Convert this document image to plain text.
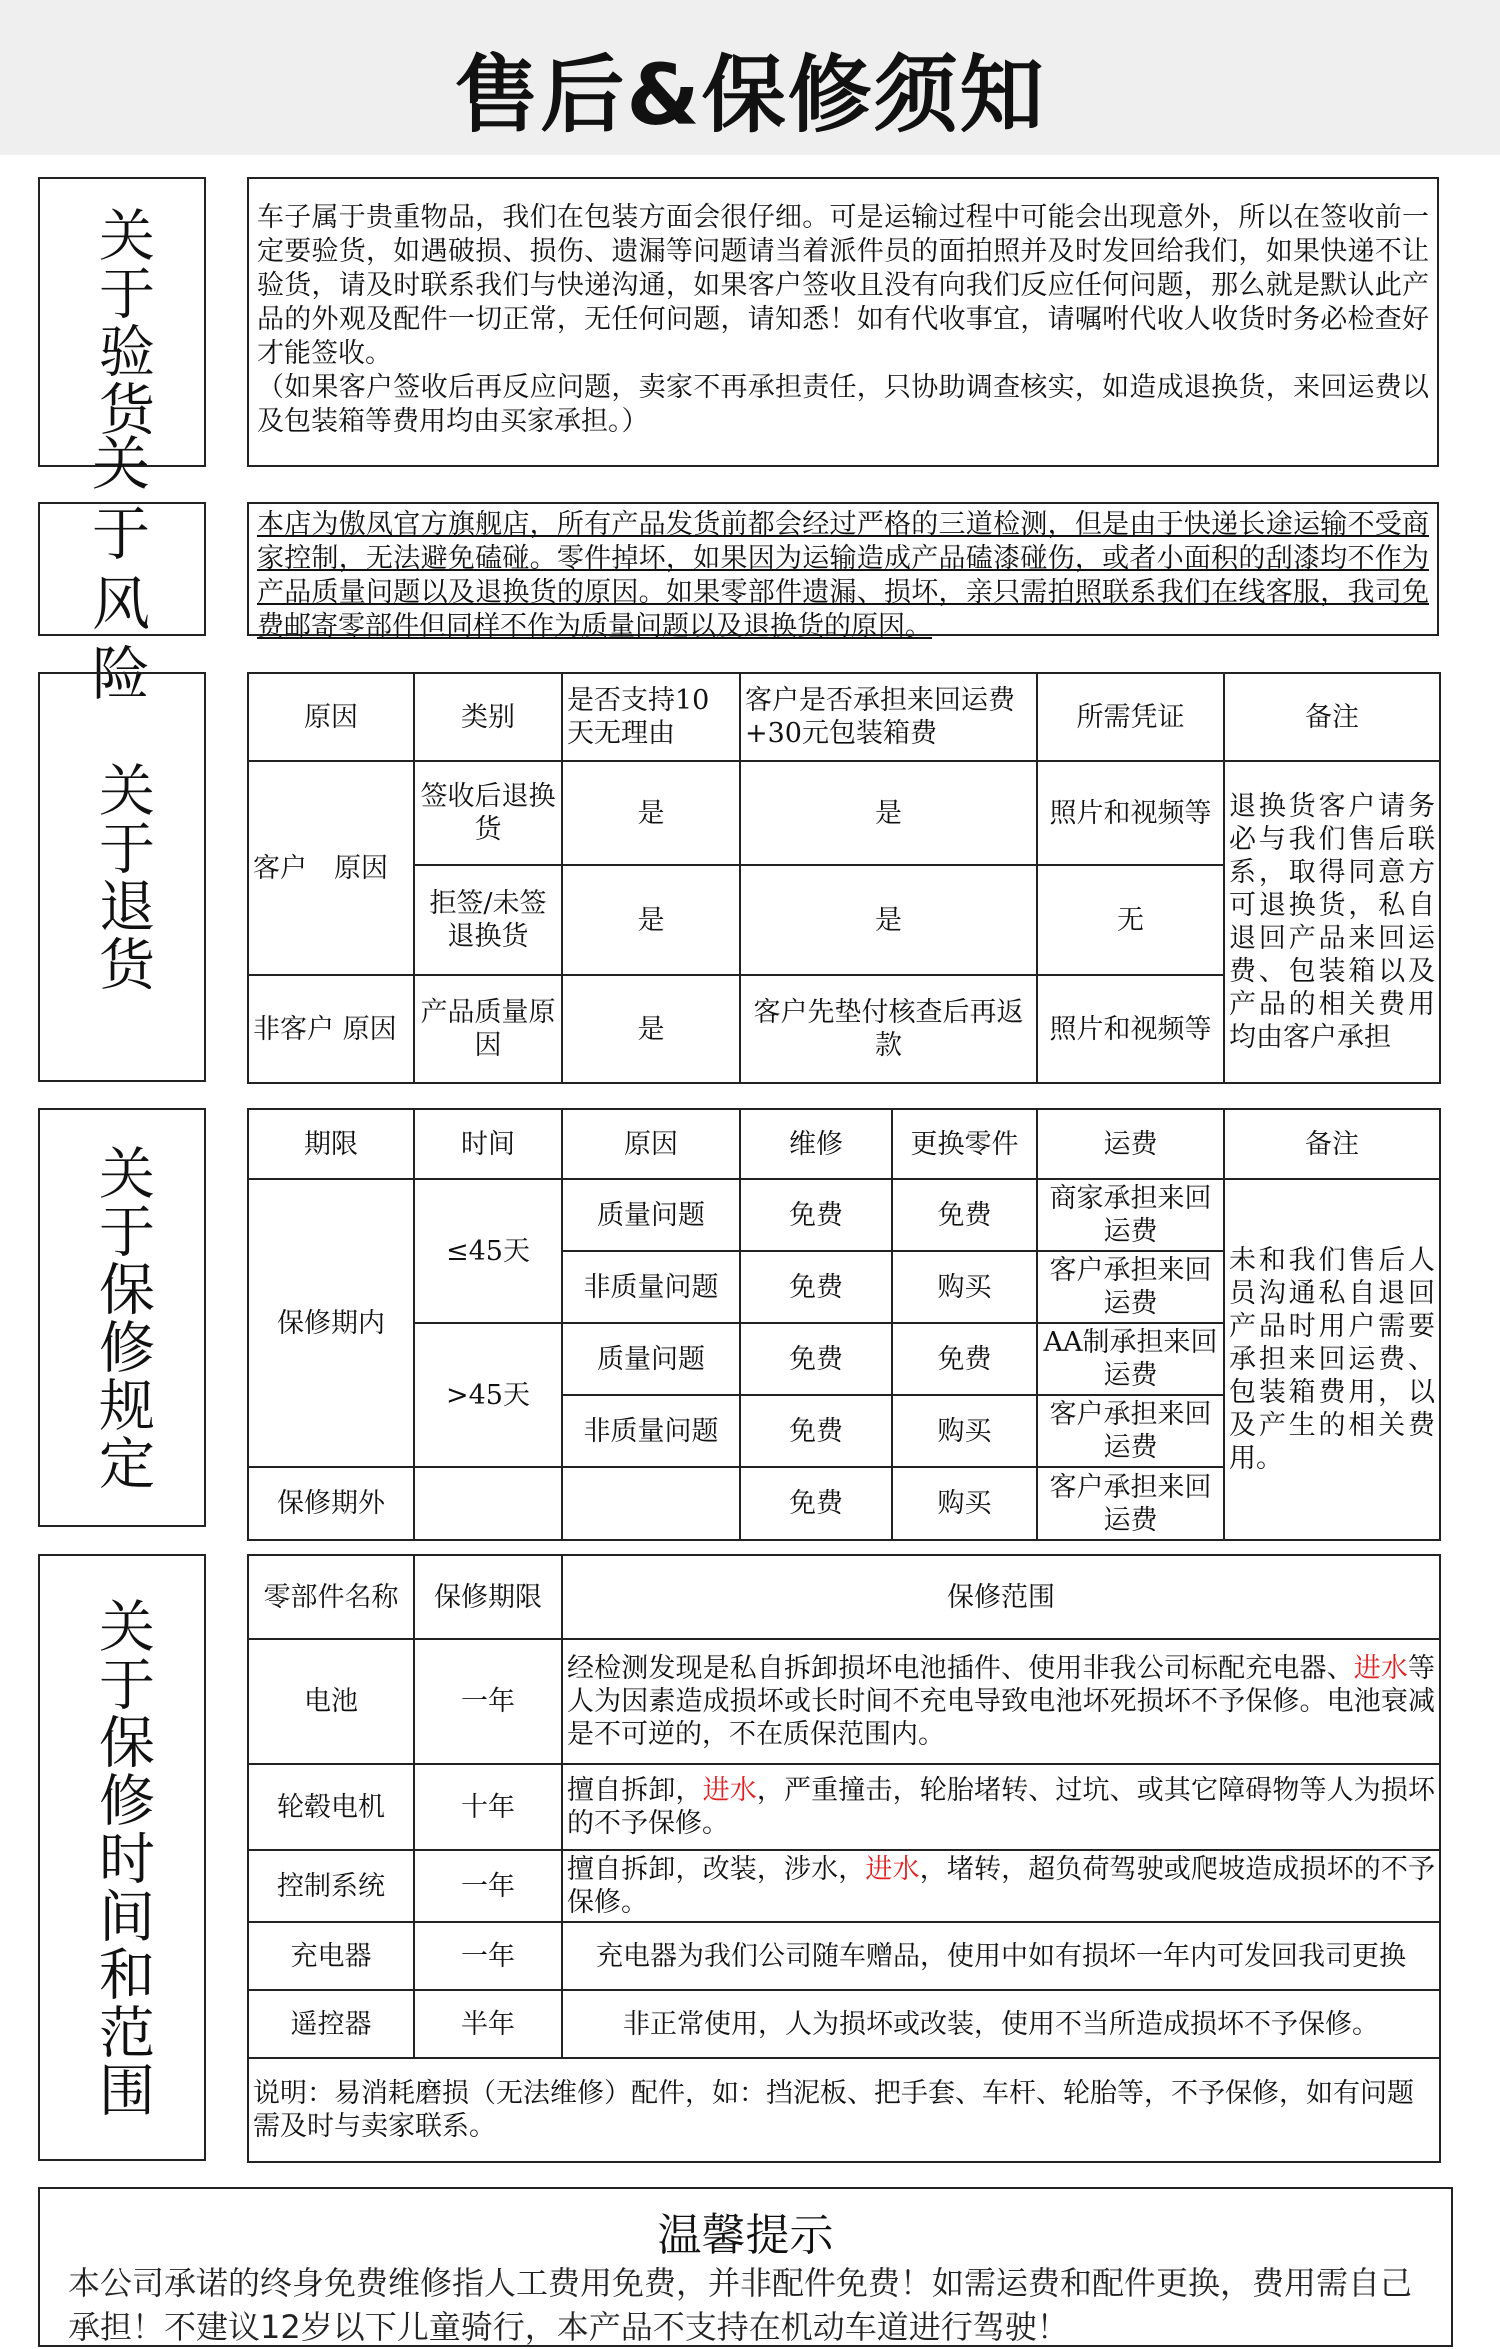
售后&保修须知
关于验货	车子属于贵重物品，我们在包装方面会很仔细。可是运输过程中可能会出现意外，所以在签收前一定要验货，如遇破损、损伤、遗漏等问题请当着派件员的面拍照并及时发回给我们，如果快递不让验货，请及时联系我们与快递沟通，如果客户签收且没有向我们反应任何问题，那么就是默认此产品的外观及配件一切正常，无任何问题，请知悉！如有代收事宜，请嘱咐代收人收货时务必检查好才能签收。

（如果客户签收后再反应问题，卖家不再承担责任，只协助调查核实，如造成退换货，来回运费以及包装箱等费用均由买家承担。）

关于风险

本店为傲凤官方旗舰店，所有产品发货前都会经过严格的三道检测，但是由于快递长途运输不受商家控制，无法避免磕碰。零件掉坏，如果因为运输造成产品磕漆碰伤，或者小面积的刮漆均不作为产品质量问题以及退换货的原因。如果零部件遗漏、损坏，亲只需拍照联系我们在线客服，我司免费邮寄零部件但同样不作为质量问题以及退换货的原因。

关于退货
原因	类别	是否支持10天无理由	客户是否承担来回运费+30元包装箱费	所需凭证	备注
客户　原因	签收后退换货	是	是	照片和视频等	退换货客户请务必与我们售后联系，取得同意方可退换货，私自退回产品来回运费、包装箱以及产品的相关费用均由客户承担
	拒签/未签退换货	是	是	无	
非客户 原因	产品质量原因	是	客户先垫付核查后再返款	照片和视频等	
关于保修规定	期限	时间	原因	维修	更换零件	运费	备注
保修期内	≤45天	质量问题	免费	免费	商家承担来回运费	未和我们售后人员沟通私自退回产品时用户需要承担来回运费、包装箱费用，以及产生的相关费用。
		非质量问题	免费	购买	客户承担来回运费	
	>45天	质量问题	免费	免费	AA制承担来回运费	
		非质量问题	免费	购买	客户承担来回运费	
保修期外			免费	购买	客户承担来回运费	
关于保修时间和范围	零部件名称	保修期限	保修范围
电池	一年	经检测发现是私自拆卸损坏电池插件、使用非我公司标配充电器、进水等人为因素造成损坏或长时间不充电导致电池坏死损坏不予保修。电池衰减是不可逆的，不在质保范围内。
轮毂电机	十年	擅自拆卸，进水，严重撞击，轮胎堵转、过坑、或其它障碍物等人为损坏的不予保修。
控制系统	一年	擅自拆卸，改装，涉水，进水，堵转，超负荷驾驶或爬坡造成损坏的不予保修。
充电器	一年	充电器为我们公司随车赠品，使用中如有损坏一年内可发回我司更换
遥控器	半年	非正常使用，人为损坏或改装，使用不当所造成损坏不予保修。
说明：易消耗磨损（无法维修）配件，如：挡泥板、把手套、车杆、轮胎等，不予保修，如有问题需及时与卖家联系。		
温馨提示

本公司承诺的终身免费维修指人工费用免费，并非配件免费！如需运费和配件更换，费用需自己承担！不建议12岁以下儿童骑行，本产品不支持在机动车道进行驾驶！
